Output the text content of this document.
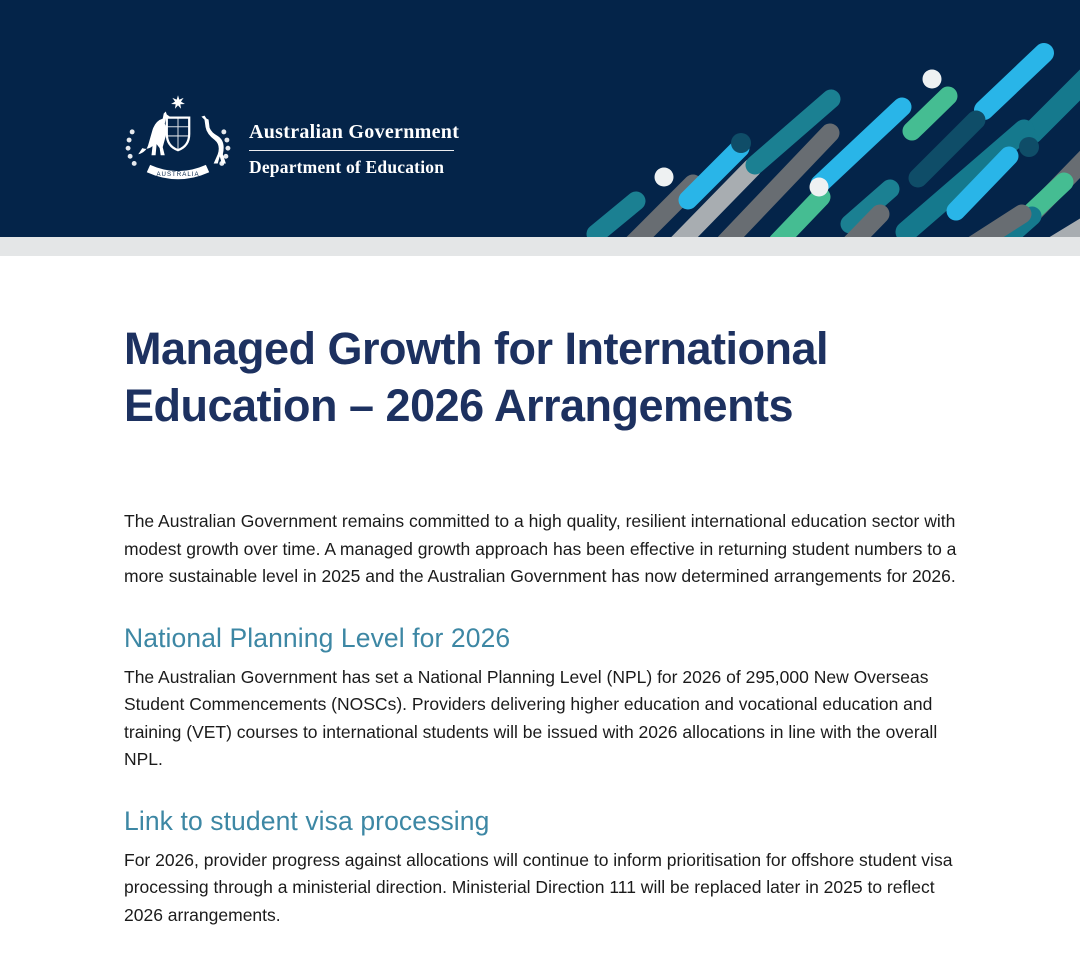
AUSTRALIA
Australian Government
Department of Education
Managed Growth for International Education – 2026 Arrangements

The Australian Government remains committed to a high quality, resilient international education sector with modest growth over time. A managed growth approach has been effective in returning student numbers to a more sustainable level in 2025 and the Australian Government has now determined arrangements for 2026.

National Planning Level for 2026

The Australian Government has set a National Planning Level (NPL) for 2026 of 295,000 New Overseas Student Commencements (NOSCs). Providers delivering higher education and vocational education and training (VET) courses to international students will be issued with 2026 allocations in line with the overall NPL.

Link to student visa processing

For 2026, provider progress against allocations will continue to inform prioritisation for offshore student visa processing through a ministerial direction. Ministerial Direction 111 will be replaced later in 2025 to reflect 2026 arrangements.
